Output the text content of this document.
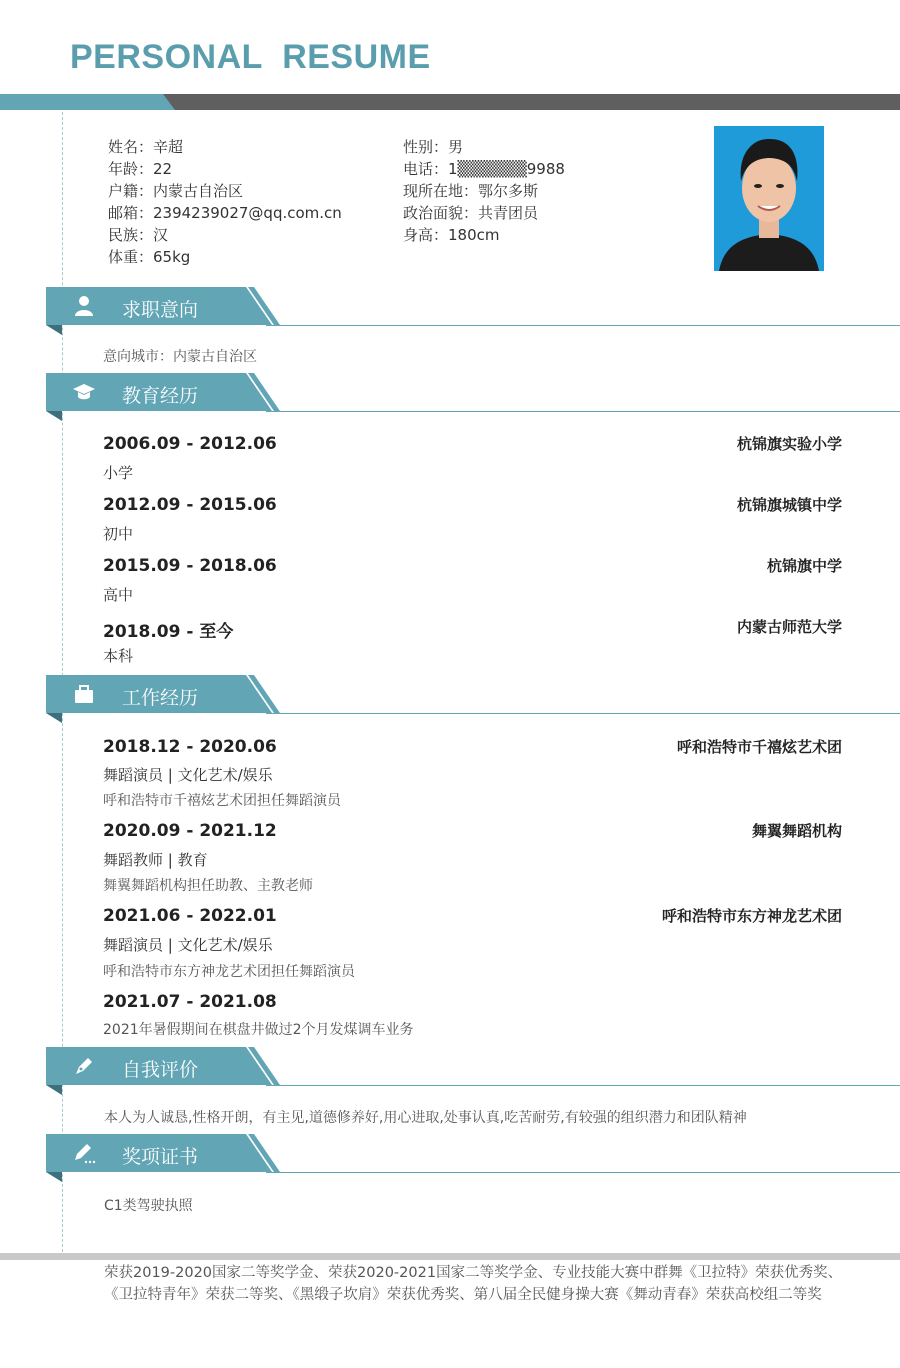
PERSONAL  RESUME
姓名：辛超
年龄：22
户籍：内蒙古自治区
邮箱：2394239027@qq.com.cn
民族：汉
体重：65kg
性别：男
电话：1▒▒▒▒▒▒9988
现所在地：鄂尔多斯
政治面貌：共青团员
身高：180cm
求职意向
意向城市：内蒙古自治区
教育经历
2006.09 - 2012.06	杭锦旗实验小学
小学
2012.09 - 2015.06	杭锦旗城镇中学
初中
2015.09 - 2018.06	杭锦旗中学
高中
2018.09 - 至今	内蒙古师范大学
本科
工作经历
2018.12 - 2020.06	呼和浩特市千禧炫艺术团
舞蹈演员 | 文化艺术/娱乐
呼和浩特市千禧炫艺术团担任舞蹈演员
2020.09 - 2021.12	舞翼舞蹈机构
舞蹈教师 | 教育
舞翼舞蹈机构担任助教、主教老师
2021.06 - 2022.01	呼和浩特市东方神龙艺术团
舞蹈演员 | 文化艺术/娱乐
呼和浩特市东方神龙艺术团担任舞蹈演员
2021.07 - 2021.08
2021年暑假期间在棋盘井做过2个月发煤调车业务
自我评价
本人为人诚恳,性格开朗，有主见,道德修养好,用心进取,处事认真,吃苦耐劳,有较强的组织潜力和团队精神
奖项证书
C1类驾驶执照
荣获2019-2020国家二等奖学金、荣获2020-2021国家二等奖学金、专业技能大赛中群舞《卫拉特》荣获优秀奖、《卫拉特青年》荣获二等奖、《黑缎子坎肩》荣获优秀奖、第八届全民健身操大赛《舞动青春》荣获高校组二等奖
